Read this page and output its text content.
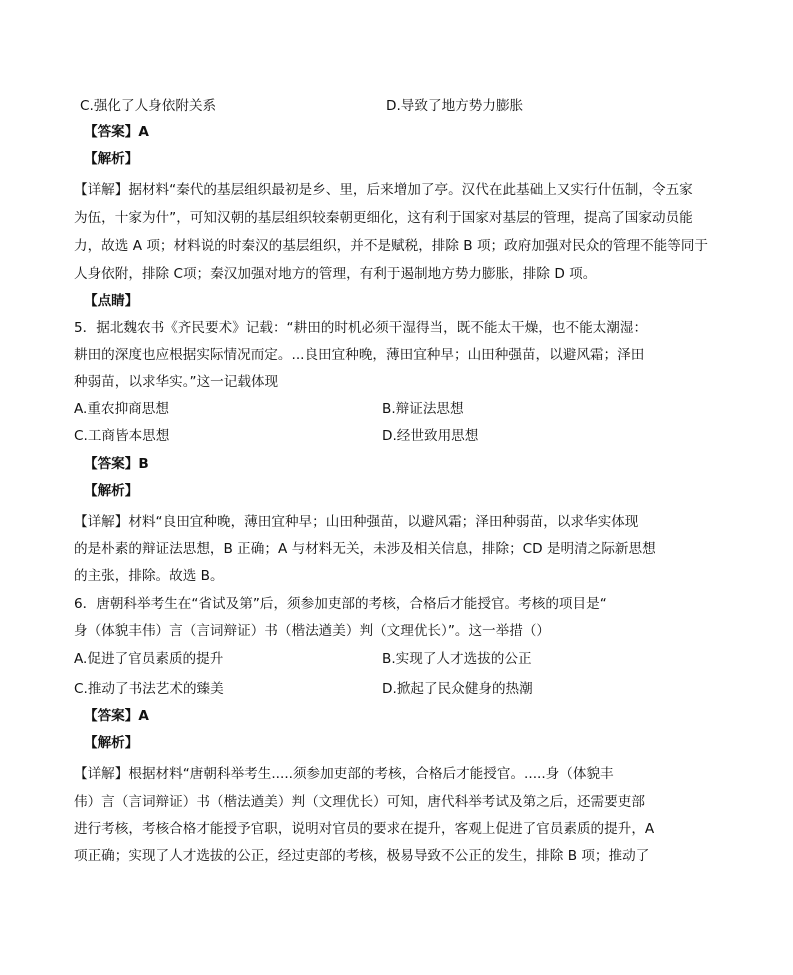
C.强化了人身依附关系	D.导致了地方势力膨胀
【答案】A
【解析】
【详解】据材料“秦代的基层组织最初是乡、里，后来增加了亭。汉代在此基础上又实行什伍制，令五家
为伍，十家为什”，可知汉朝的基层组织较秦朝更细化，这有利于国家对基层的管理，提高了国家动员能
力，故选 A 项；材料说的时秦汉的基层组织，并不是赋税，排除 B 项；政府加强对民众的管理不能等同于
人身依附，排除 C项；秦汉加强对地方的管理，有利于遏制地方势力膨胀，排除 D 项。
【点睛】
5．据北魏农书《齐民要术》记载：“耕田的时机必须干湿得当，既不能太干燥，也不能太潮湿：
耕田的深度也应根据实际情况而定。...良田宜种晚，薄田宜种早；山田种强苗，以避风霜；泽田
种弱苗，以求华实。”这一记载体现
A.重农抑商思想	B.辩证法思想
C.工商皆本思想	D.经世致用思想
【答案】B
【解析】
【详解】材料“良田宜种晚，薄田宜种早；山田种强苗，以避风霜；泽田种弱苗，以求华实体现
的是朴素的辩证法思想，B 正确；A 与材料无关，未涉及相关信息，排除；CD 是明清之际新思想
的主张，排除。故选 B。
6．唐朝科举考生在“省试及第”后，须参加吏部的考核，合格后才能授官。考核的项目是“
身（体貌丰伟）言（言词辩证）书（楷法遒美）判（文理优长）”。这一举措（）
A.促进了官员素质的提升	B.实现了人才选拔的公正
C.推动了书法艺术的臻美	D.掀起了民众健身的热潮
【答案】A
【解析】
【详解】根据材料“唐朝科举考生.....须参加吏部的考核，合格后才能授官。.....身（体貌丰
伟）言（言词辩证）书（楷法遒美）判（文理优长）可知，唐代科举考试及第之后，还需要吏部
进行考核，考核合格才能授予官职，说明对官员的要求在提升，客观上促进了官员素质的提升，A
项正确；实现了人才选拔的公正，经过吏部的考核，极易导致不公正的发生，排除 B 项；推动了
